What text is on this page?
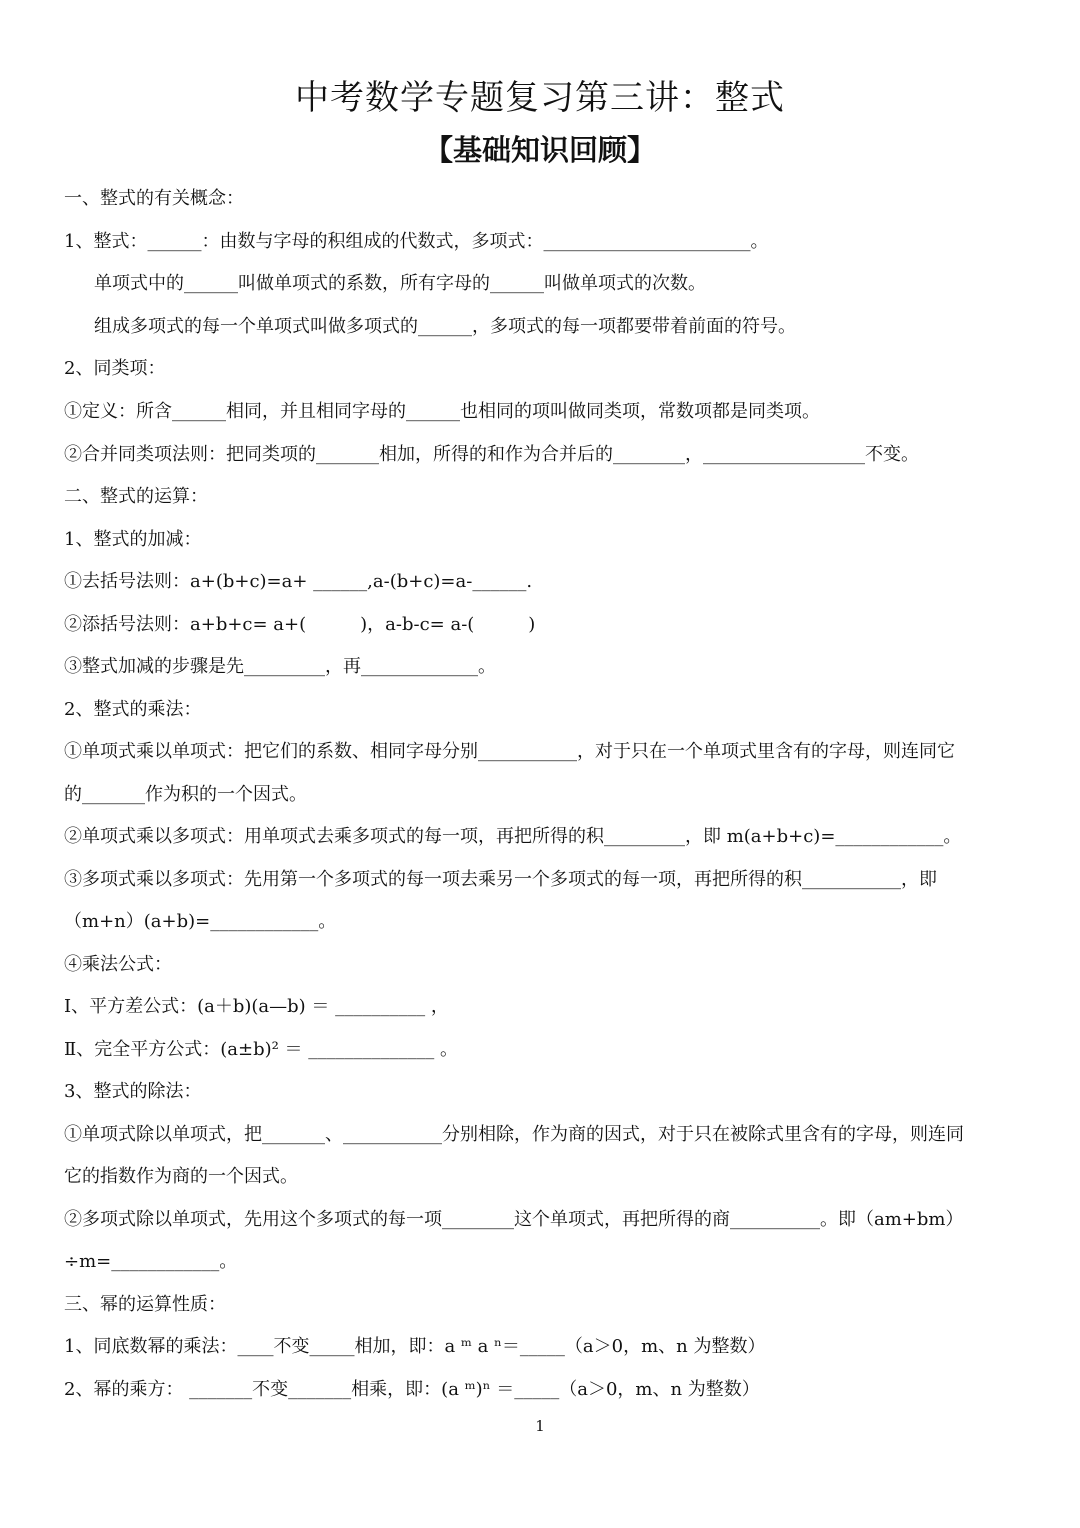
中考数学专题复习第三讲：整式
【基础知识回顾】
一、整式的有关概念：
1、整式：______：由数与字母的积组成的代数式，多项式：_______________________。
单项式中的______叫做单项式的系数，所有字母的______叫做单项式的次数。
组成多项式的每一个单项式叫做多项式的______，多项式的每一项都要带着前面的符号。
2、同类项：
①定义：所含______相同，并且相同字母的______也相同的项叫做同类项，常数项都是同类项。
②合并同类项法则：把同类项的_______相加，所得的和作为合并后的________，__________________不变。
二、整式的运算：
1、整式的加减：
①去括号法则：a+(b+c)=a+ ______,a-(b+c)=a-______.
②添括号法则：a+b+c= a+(　　　)，a-b-c= a-(　　　)
③整式加减的步骤是先_________，再_____________。
2、整式的乘法：
①单项式乘以单项式：把它们的系数、相同字母分别___________，对于只在一个单项式里含有的字母，则连同它
的_______作为积的一个因式。
②单项式乘以多项式：用单项式去乘多项式的每一项，再把所得的积_________，即 m(a+b+c)=____________。
③多项式乘以多项式：先用第一个多项式的每一项去乘另一个多项式的每一项，再把所得的积___________，即
（m+n）(a+b)=____________。
④乘法公式：
Ⅰ、平方差公式：(a＋b)(a—b) ＝ __________ ，
Ⅱ、完全平方公式：(a±b)² ＝ ______________ 。
3、整式的除法：
①单项式除以单项式，把_______、___________分别相除，作为商的因式，对于只在被除式里含有的字母，则连同
它的指数作为商的一个因式。
②多项式除以单项式，先用这个多项式的每一项________这个单项式，再把所得的商__________。即（am+bm）
÷m=____________。
三、幂的运算性质：
1、同底数幂的乘法：____不变_____相加，即：a ᵐ a ⁿ＝_____（a＞0，m、n 为整数）
2、幂的乘方： _______不变_______相乘，即：(a ᵐ)ⁿ ＝_____（a＞0，m、n 为整数）
1
